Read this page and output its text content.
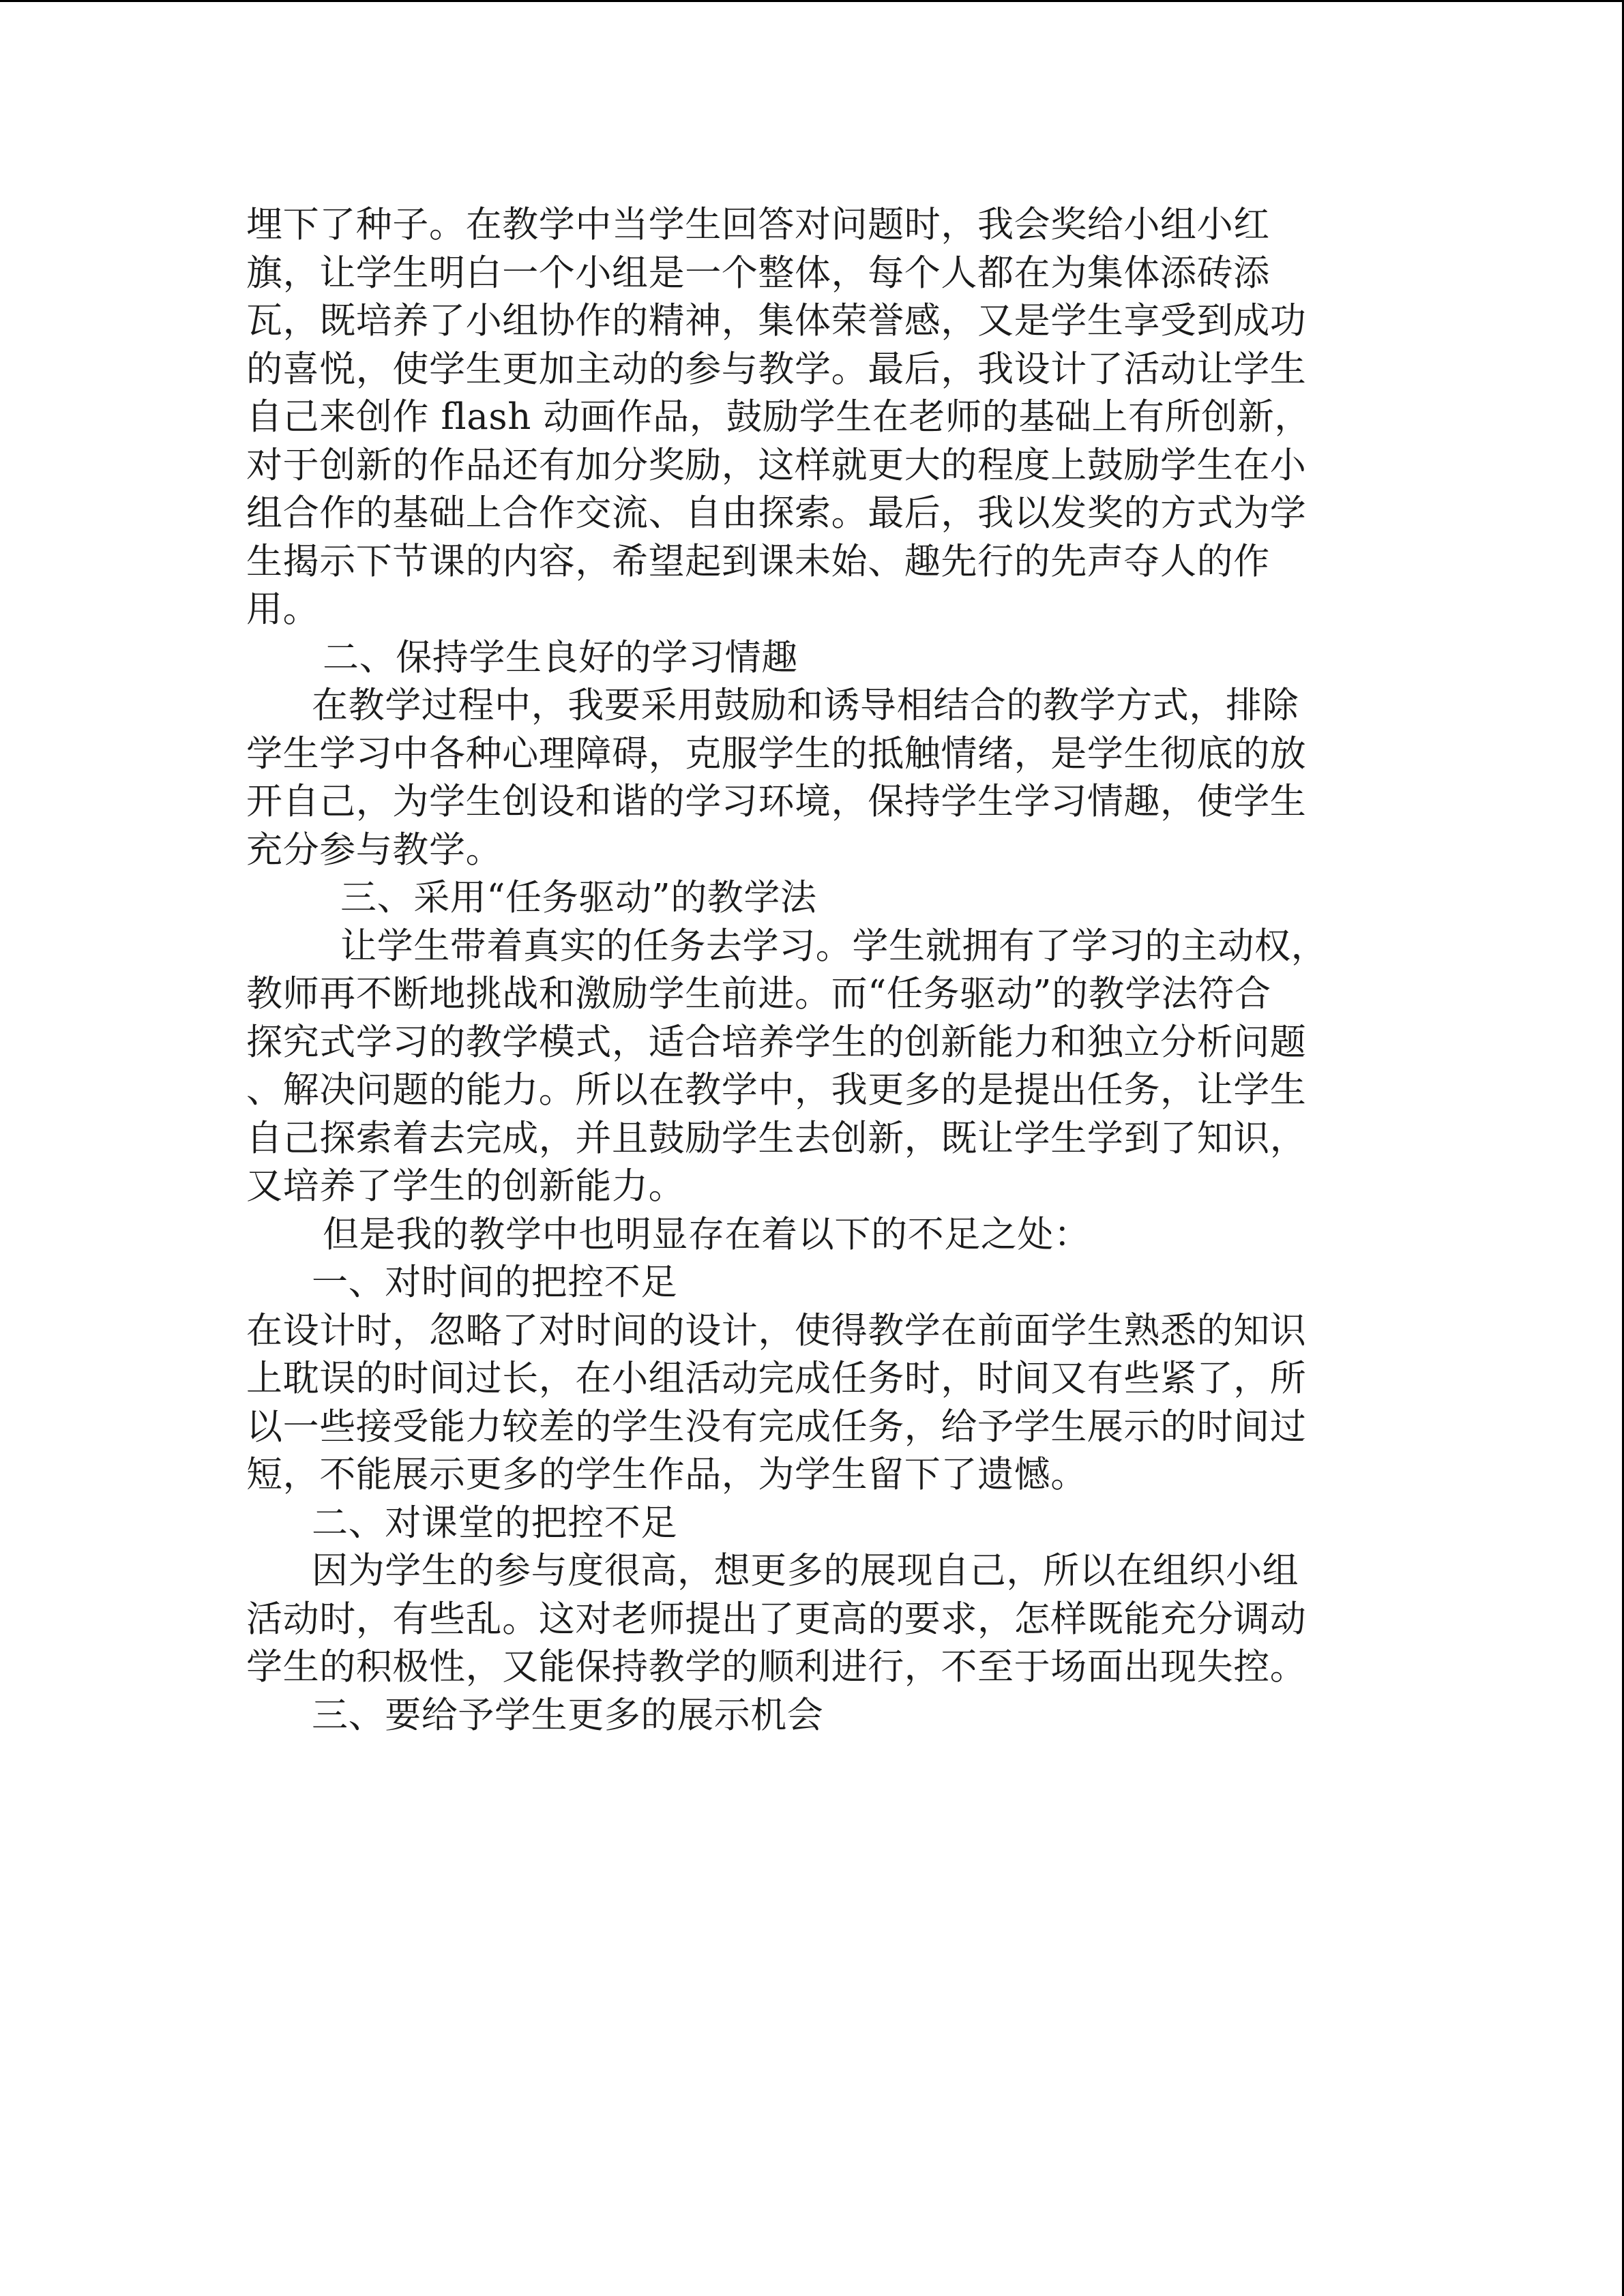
埋下了种子。在教学中当学生回答对问题时，我会奖给小组小红
旗，让学生明白一个小组是一个整体，每个人都在为集体添砖添
瓦，既培养了小组协作的精神，集体荣誉感，又是学生享受到成功
的喜悦，使学生更加主动的参与教学。最后，我设计了活动让学生
自己来创作 flash 动画作品，鼓励学生在老师的基础上有所创新，
对于创新的作品还有加分奖励，这样就更大的程度上鼓励学生在小
组合作的基础上合作交流、自由探索。最后，我以发奖的方式为学
生揭示下节课的内容，希望起到课未始、趣先行的先声夺人的作
用。
二、保持学生良好的学习情趣
在教学过程中，我要采用鼓励和诱导相结合的教学方式，排除
学生学习中各种心理障碍，克服学生的抵触情绪，是学生彻底的放
开自己，为学生创设和谐的学习环境，保持学生学习情趣，使学生
充分参与教学。
三、采用“任务驱动”的教学法
让学生带着真实的任务去学习。学生就拥有了学习的主动权，
教师再不断地挑战和激励学生前进。而“任务驱动”的教学法符合
探究式学习的教学模式，适合培养学生的创新能力和独立分析问题
、解决问题的能力。所以在教学中，我更多的是提出任务，让学生
自己探索着去完成，并且鼓励学生去创新，既让学生学到了知识，
又培养了学生的创新能力。
但是我的教学中也明显存在着以下的不足之处：
一、对时间的把控不足
在设计时，忽略了对时间的设计，使得教学在前面学生熟悉的知识
上耽误的时间过长，在小组活动完成任务时，时间又有些紧了，所
以一些接受能力较差的学生没有完成任务，给予学生展示的时间过
短，不能展示更多的学生作品，为学生留下了遗憾。
二、对课堂的把控不足
因为学生的参与度很高，想更多的展现自己，所以在组织小组
活动时，有些乱。这对老师提出了更高的要求，怎样既能充分调动
学生的积极性，又能保持教学的顺利进行，不至于场面出现失控。
三、要给予学生更多的展示机会
